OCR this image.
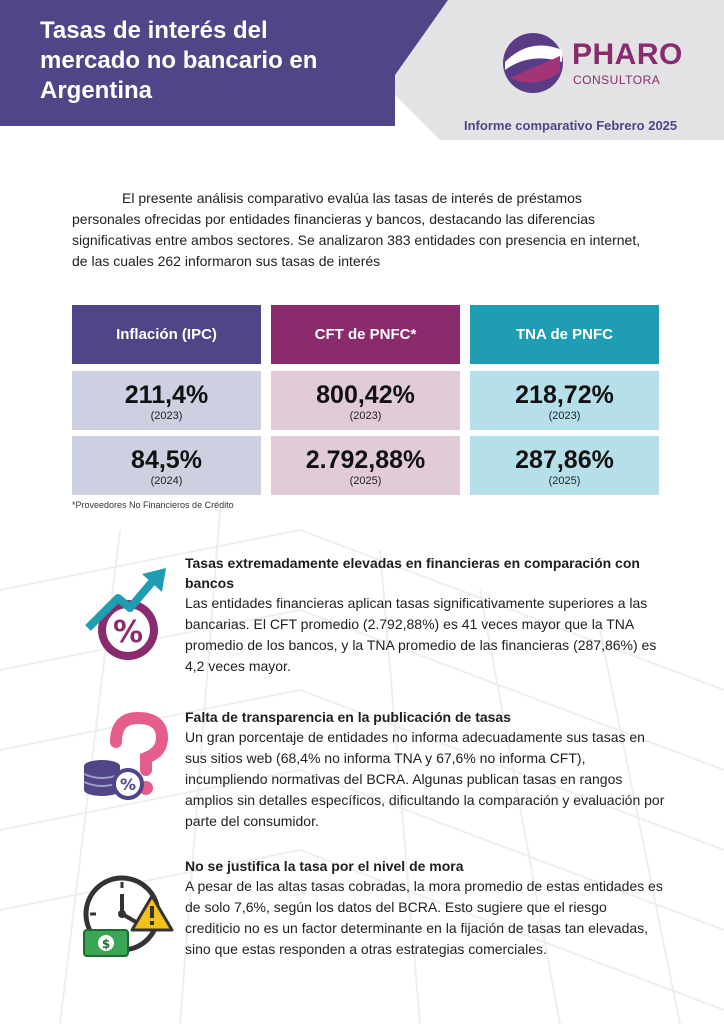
Tasas de interés del mercado no bancario en Argentina
PHARO
CONSULTORA
Informe comparativo Febrero 2025
El presente análisis comparativo evalúa las tasas de interés de préstamos personales ofrecidas por entidades financieras y bancos, destacando las diferencias significativas entre ambos sectores. Se analizaron 383 entidades con presencia en internet, de las cuales 262 informaron sus tasas de interés
Inflación (IPC)	CFT de PNFC*	TNA de PNFC
211,4%
(2023)
800,42%
(2023)
218,72%
(2023)
84,5%
(2024)
2.792,88%
(2025)
287,86%
(2025)
*Proveedores No Financieros de Crédito
%
Tasas extremadamente elevadas en financieras en comparación con bancos

Las entidades financieras aplican tasas significativamente superiores a las bancarias. El CFT promedio (2.792,88%) es 41 veces mayor que la TNA promedio de los bancos, y la TNA promedio de las financieras (287,86%) es 4,2 veces mayor.

%
Falta de transparencia en la publicación de tasas

Un gran porcentaje de entidades no informa adecuadamente sus tasas en sus sitios web (68,4% no informa TNA y 67,6% no informa CFT), incumpliendo normativas del BCRA. Algunas publican tasas en rangos amplios sin detalles específicos, dificultando la comparación y evaluación por parte del consumidor.

$
No se justifica la tasa por el nivel de mora

A pesar de las altas tasas cobradas, la mora promedio de estas entidades es de solo 7,6%, según los datos del BCRA. Esto sugiere que el riesgo crediticio no es un factor determinante en la fijación de tasas tan elevadas, sino que estas responden a otras estrategias comerciales.
